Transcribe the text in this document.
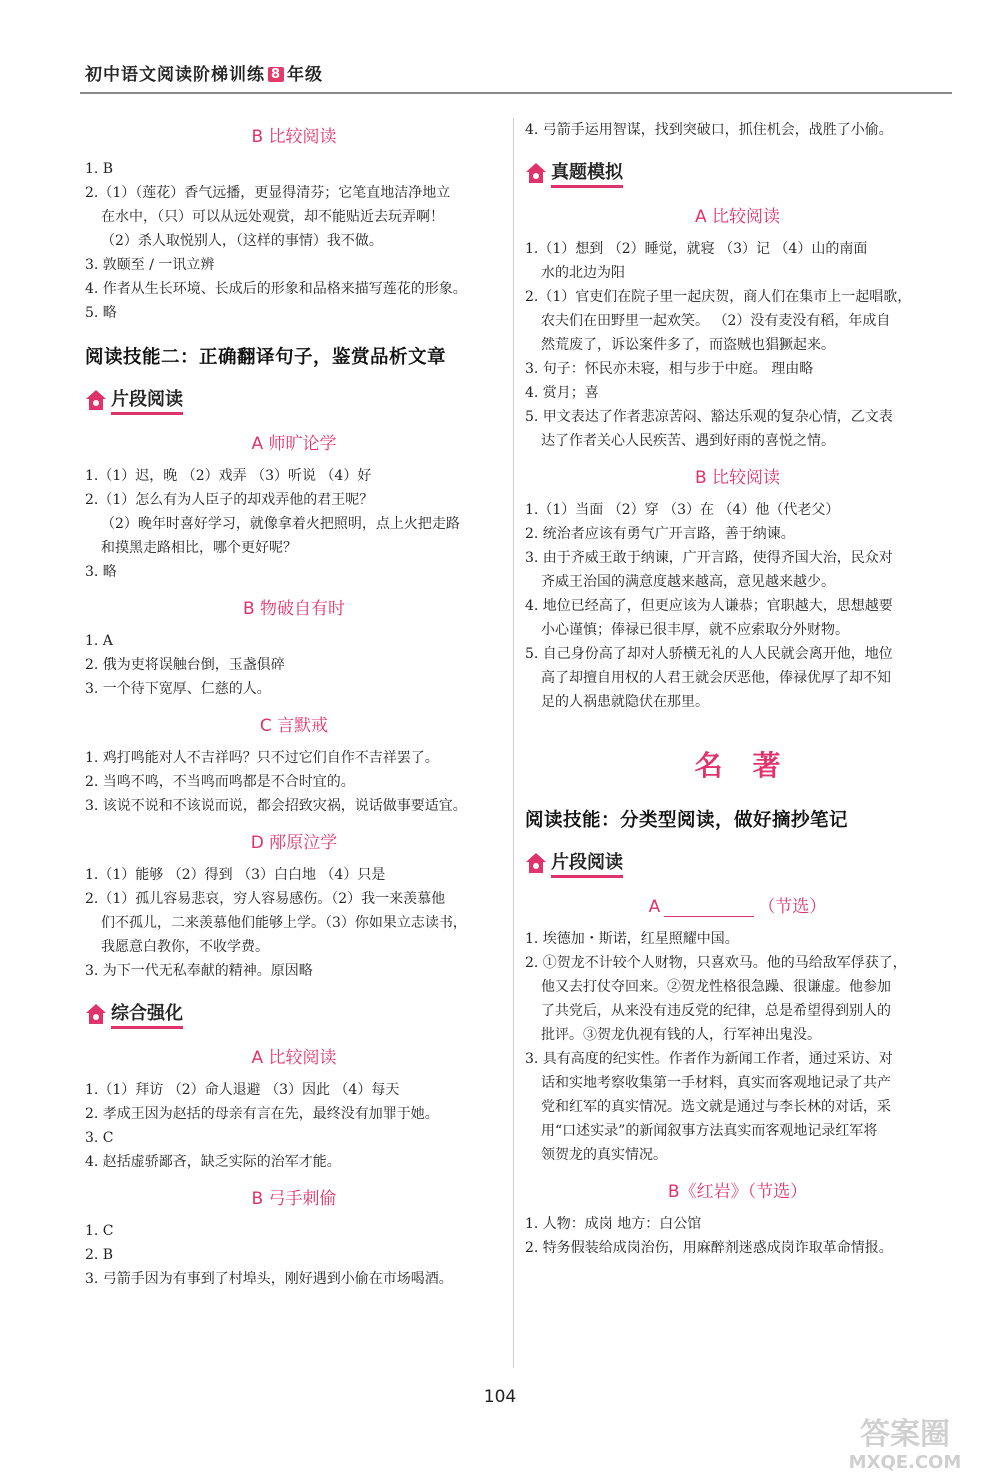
初中语文阅读阶梯训练 8 年级
B 比较阅读

1. B

2.（1）（莲花）香气远播，更显得清芬；它笔直地洁净地立

在水中，（只）可以从远处观赏，却不能贴近去玩弄啊！

（2）杀人取悦别人，（这样的事情）我不做。

3. 敦颐至 / 一讯立辨

4. 作者从生长环境、长成后的形象和品格来描写莲花的形象。

5. 略

阅读技能二：正确翻译句子，鉴赏品析文章
片段阅读
A 师旷论学

1.（1）迟，晚 （2）戏弄 （3）听说 （4）好

2.（1）怎么有为人臣子的却戏弄他的君王呢？

（2）晚年时喜好学习，就像拿着火把照明，点上火把走路

和摸黑走路相比，哪个更好呢？

3. 略

B 物破自有时

1. A

2. 俄为吏将误触台倒，玉盏俱碎

3. 一个待下宽厚、仁慈的人。

C 言默戒

1. 鸡打鸣能对人不吉祥吗？只不过它们自作不吉祥罢了。

2. 当鸣不鸣，不当鸣而鸣都是不合时宜的。

3. 该说不说和不该说而说，都会招致灾祸，说话做事要适宜。

D 邴原泣学

1.（1）能够 （2）得到 （3）白白地 （4）只是

2.（1）孤儿容易悲哀，穷人容易感伤。（2）我一来羡慕他

们不孤儿，二来羡慕他们能够上学。（3）你如果立志读书，

我愿意白教你，不收学费。

3. 为下一代无私奉献的精神。原因略

综合强化
A 比较阅读

1.（1）拜访 （2）命人退避 （3）因此 （4）每天

2. 孝成王因为赵括的母亲有言在先，最终没有加罪于她。

3. C

4. 赵括虚骄鄙吝，缺乏实际的治军才能。

B 弓手刺偷

1. C

2. B

3. 弓箭手因为有事到了村埠头，刚好遇到小偷在市场喝酒。

4. 弓箭手运用智谋，找到突破口，抓住机会，战胜了小偷。

真题模拟
A 比较阅读

1.（1）想到 （2）睡觉，就寝 （3）记 （4）山的南面

水的北边为阳

2.（1）官吏们在院子里一起庆贺，商人们在集市上一起唱歌，

农夫们在田野里一起欢笑。 （2）没有麦没有稻，年成自

然荒废了，诉讼案件多了，而盗贼也猖獗起来。

3. 句子：怀民亦未寝，相与步于中庭。 理由略

4. 赏月；喜

5. 甲文表达了作者悲凉苦闷、豁达乐观的复杂心情，乙文表

达了作者关心人民疾苦、遇到好雨的喜悦之情。

B 比较阅读

1.（1）当面 （2）穿 （3）在 （4）他（代老父）

2. 统治者应该有勇气广开言路，善于纳谏。

3. 由于齐威王敢于纳谏，广开言路，使得齐国大治，民众对

齐威王治国的满意度越来越高，意见越来越少。

4. 地位已经高了，但更应该为人谦恭；官职越大，思想越要

小心谨慎；俸禄已很丰厚，就不应索取分外财物。

5. 自己身份高了却对人骄横无礼的人人民就会离开他，地位

高了却擅自用权的人君王就会厌恶他，俸禄优厚了却不知

足的人祸患就隐伏在那里。

名著
阅读技能：分类型阅读，做好摘抄笔记
片段阅读
A	（节选）

1. 埃德加・斯诺，红星照耀中国。

2. ①贺龙不计较个人财物，只喜欢马。他的马给敌军俘获了，

他又去打仗夺回来。②贺龙性格很急躁、很谦虚。他参加

了共党后，从来没有违反党的纪律，总是希望得到别人的

批评。③贺龙仇视有钱的人，行军神出鬼没。

3. 具有高度的纪实性。作者作为新闻工作者，通过采访、对

话和实地考察收集第一手材料，真实而客观地记录了共产

党和红军的真实情况。选文就是通过与李长林的对话，采

用“口述实录”的新闻叙事方法真实而客观地记录红军将

领贺龙的真实情况。

B《红岩》（节选）

1. 人物：成岗 地方：白公馆

2. 特务假装给成岗治伤，用麻醉剂迷惑成岗诈取革命情报。

104
答案圈
MXQE.COM
